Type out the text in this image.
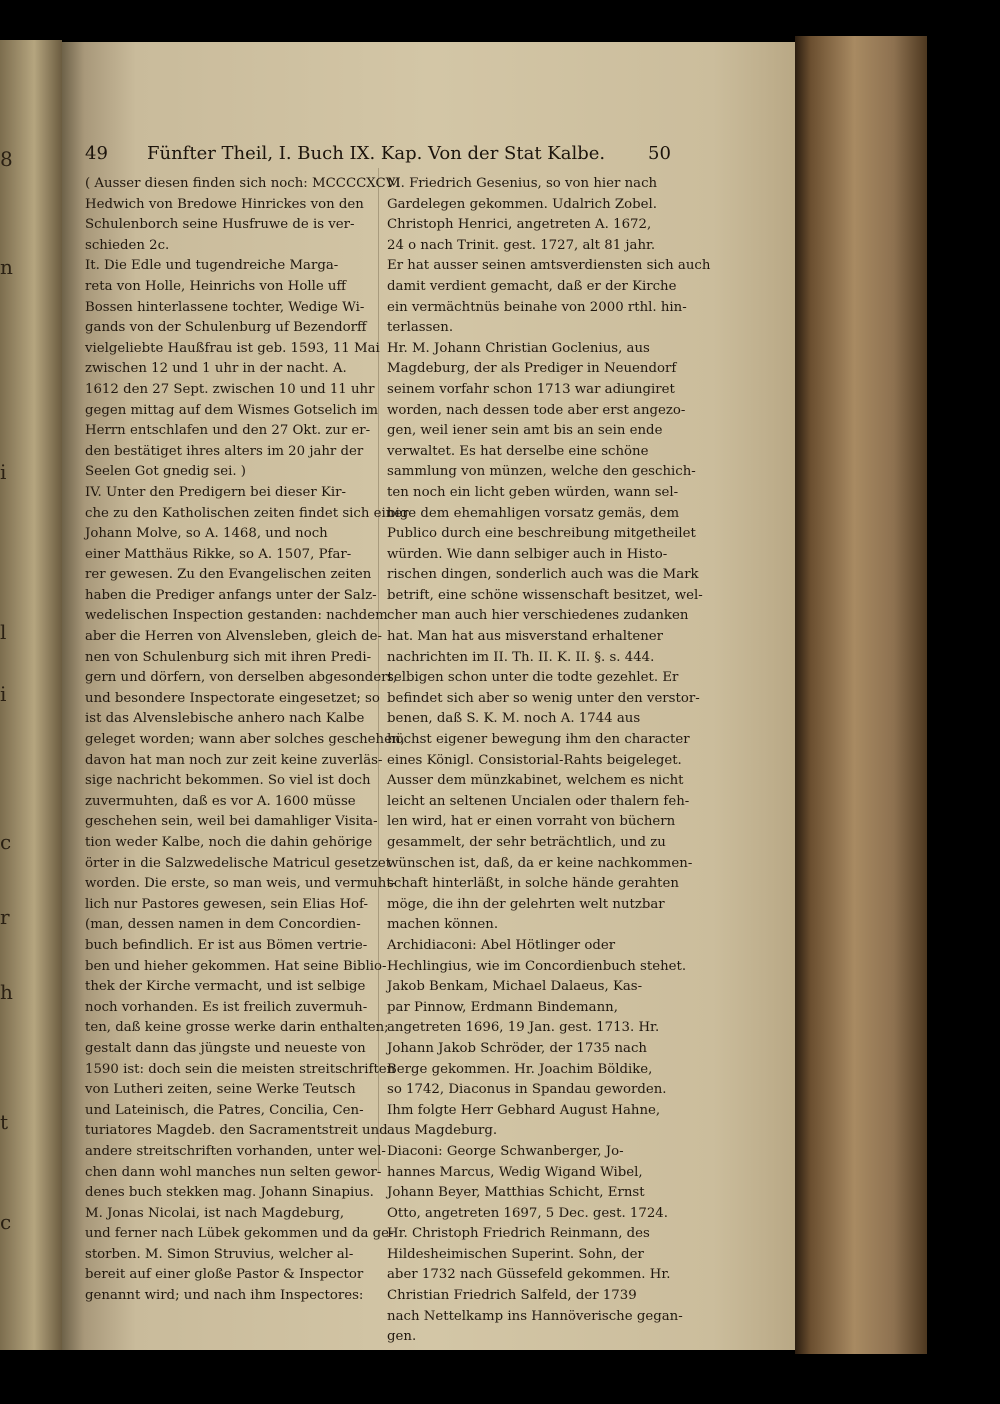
8
n
i
l
i
c
r
h
t
c
49 Fünfter Theil, I. Buch IX. Kap. Von der Stat Kalbe. 50

( Ausser diesen finden sich noch: MCCCCXCVI

Hedwich von Bredowe Hinrickes von den

Schulenborch seine Husfruwe de is ver-

schieden 2c.

It. Die Edle und tugendreiche Marga-

reta von Holle, Heinrichs von Holle uff

Bossen hinterlassene tochter, Wedige Wi-

gands von der Schulenburg uf Bezendorff

vielgeliebte Haußfrau ist geb. 1593, 11 Mai

zwischen 12 und 1 uhr in der nacht. A.

1612 den 27 Sept. zwischen 10 und 11 uhr

gegen mittag auf dem Wismes Gotselich im

Herrn entschlafen und den 27 Okt. zur er-

den bestätiget ihres alters im 20 jahr der

Seelen Got gnedig sei. )

IV. Unter den Predigern bei dieser Kir-

che zu den Katholischen zeiten findet sich einer

Johann Molve, so A. 1468, und noch

einer Matthäus Rikke, so A. 1507, Pfar-

rer gewesen. Zu den Evangelischen zeiten

haben die Prediger anfangs unter der Salz-

wedelischen Inspection gestanden: nachdem

aber die Herren von Alvensleben, gleich de-

nen von Schulenburg sich mit ihren Predi-

gern und dörfern, von derselben abgesondert,

und besondere Inspectorate eingesetzet; so

ist das Alvenslebische anhero nach Kalbe

geleget worden; wann aber solches geschehen,

davon hat man noch zur zeit keine zuverläs-

sige nachricht bekommen. So viel ist doch

zuvermuhten, daß es vor A. 1600 müsse

geschehen sein, weil bei damahliger Visita-

tion weder Kalbe, noch die dahin gehörige

örter in die Salzwedelische Matricul gesetzet

worden. Die erste, so man weis, und vermuht-

lich nur Pastores gewesen, sein Elias Hof-

(man, dessen namen in dem Concordien-

buch befindlich. Er ist aus Bömen vertrie-

ben und hieher gekommen. Hat seine Biblio-

thek der Kirche vermacht, und ist selbige

noch vorhanden. Es ist freilich zuvermuh-

ten, daß keine grosse werke darin enthalten;

gestalt dann das jüngste und neueste von

1590 ist: doch sein die meisten streitschriften

von Lutheri zeiten, seine Werke Teutsch

und Lateinisch, die Patres, Concilia, Cen-

turiatores Magdeb. den Sacramentstreit und

andere streitschriften vorhanden, unter wel-

chen dann wohl manches nun selten gewor-

denes buch stekken mag. Johann Sinapius.

M. Jonas Nicolai, ist nach Magdeburg,

und ferner nach Lübek gekommen und da ge-

storben. M. Simon Struvius, welcher al-

bereit auf einer gloße Pastor & Inspector

genannt wird; und nach ihm Inspectores:

M. Friedrich Gesenius, so von hier nach

Gardelegen gekommen. Udalrich Zobel.

Christoph Henrici, angetreten A. 1672,

24 o nach Trinit. gest. 1727, alt 81 jahr.

Er hat ausser seinen amtsverdiensten sich auch

damit verdient gemacht, daß er der Kirche

ein vermächtnüs beinahe von 2000 rthl. hin-

terlassen.

Hr. M. Johann Christian Goclenius, aus

Magdeburg, der als Prediger in Neuendorf

seinem vorfahr schon 1713 war adiungiret

worden, nach dessen tode aber erst angezo-

gen, weil iener sein amt bis an sein ende

verwaltet. Es hat derselbe eine schöne

sammlung von münzen, welche den geschich-

ten noch ein licht geben würden, wann sel-

bige dem ehemahligen vorsatz gemäs, dem

Publico durch eine beschreibung mitgetheilet

würden. Wie dann selbiger auch in Histo-

rischen dingen, sonderlich auch was die Mark

betrift, eine schöne wissenschaft besitzet, wel-

cher man auch hier verschiedenes zudanken

hat. Man hat aus misverstand erhaltener

nachrichten im II. Th. II. K. II. §. s. 444.

selbigen schon unter die todte gezehlet. Er

befindet sich aber so wenig unter den verstor-

benen, daß S. K. M. noch A. 1744 aus

höchst eigener bewegung ihm den character

eines Königl. Consistorial-Rahts beigeleget.

Ausser dem münzkabinet, welchem es nicht

leicht an seltenen Uncialen oder thalern feh-

len wird, hat er einen vorraht von büchern

gesammelt, der sehr beträchtlich, und zu

wünschen ist, daß, da er keine nachkommen-

schaft hinterläßt, in solche hände gerahten

möge, die ihn der gelehrten welt nutzbar

machen können.

Archidiaconi: Abel Hötlinger oder

Hechlingius, wie im Concordienbuch stehet.

Jakob Benkam, Michael Dalaeus, Kas-

par Pinnow, Erdmann Bindemann,

angetreten 1696, 19 Jan. gest. 1713. Hr.

Johann Jakob Schröder, der 1735 nach

Berge gekommen. Hr. Joachim Böldike,

so 1742, Diaconus in Spandau geworden.

Ihm folgte Herr Gebhard August Hahne,

aus Magdeburg.

Diaconi: George Schwanberger, Jo-

hannes Marcus, Wedig Wigand Wibel,

Johann Beyer, Matthias Schicht, Ernst

Otto, angetreten 1697, 5 Dec. gest. 1724.

Hr. Christoph Friedrich Reinmann, des

Hildesheimischen Superint. Sohn, der

aber 1732 nach Güssefeld gekommen. Hr.

Christian Friedrich Salfeld, der 1739

nach Nettelkamp ins Hannöverische gegan-

gen.
